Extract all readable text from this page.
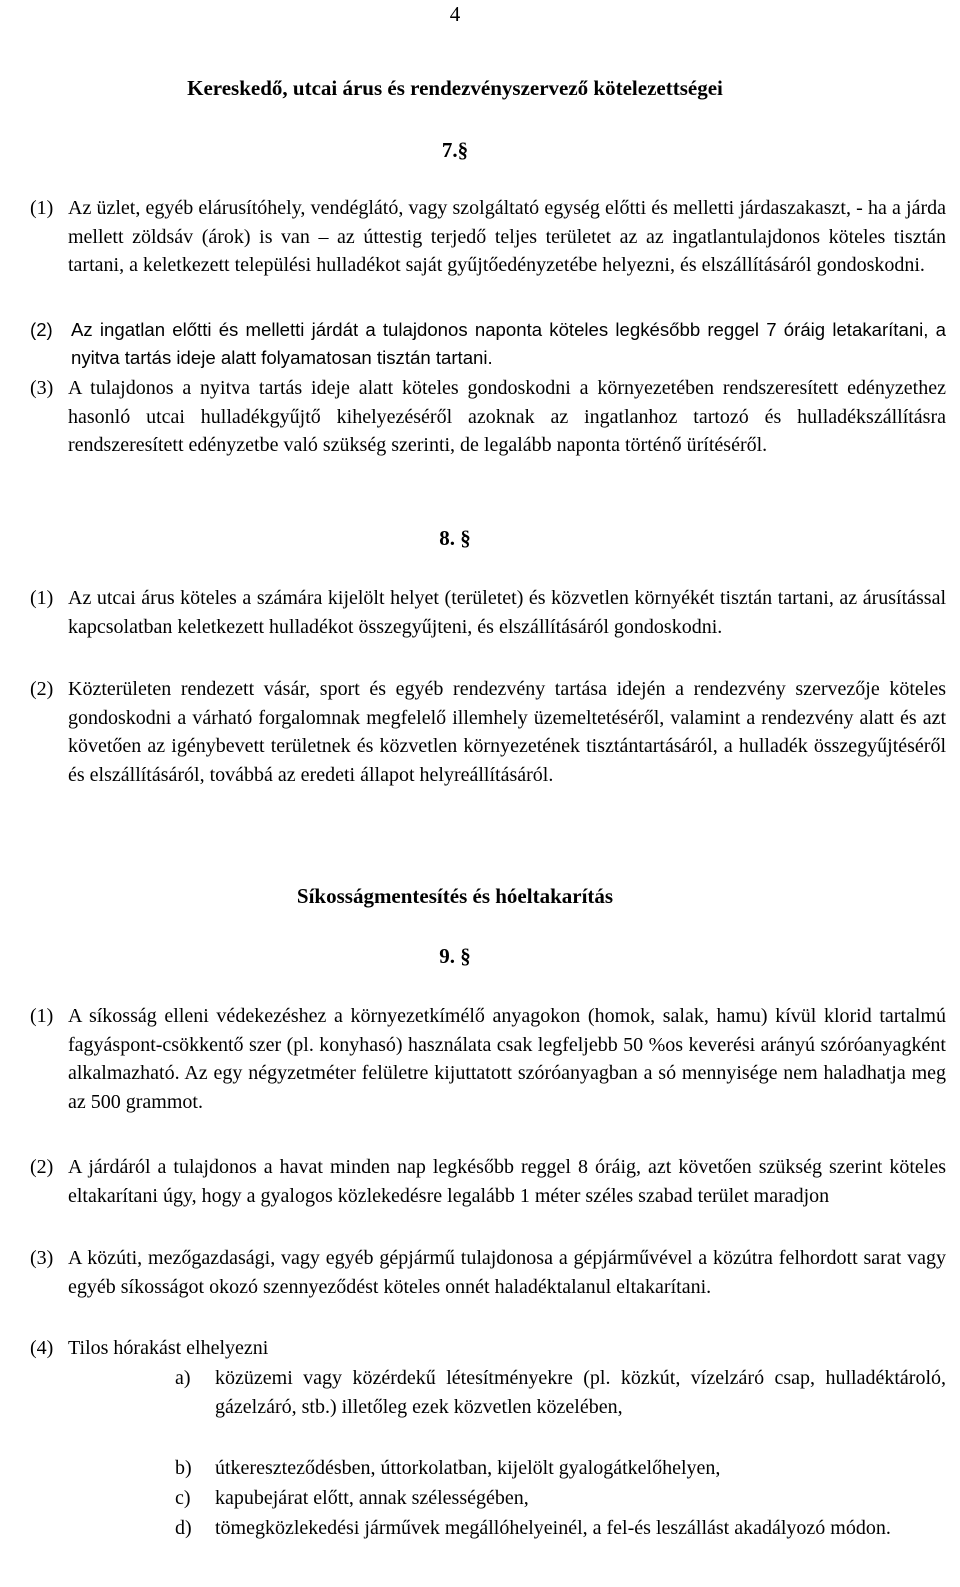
4
Kereskedő, utcai árus és rendezvényszervező kötelezettségei
7.§
(1) Az üzlet, egyéb elárusítóhely, vendéglátó, vagy szolgáltató egység előtti és melletti járdaszakaszt, - ha a járda mellett zöldsáv (árok) is van – az úttestig terjedő teljes területet az az ingatlantulajdonos köteles tisztán tartani, a keletkezett települési hulladékot saját gyűjtőedényzetébe helyezni, és elszállításáról gondoskodni.
(2) Az ingatlan előtti és melletti járdát a tulajdonos naponta köteles legkésőbb reggel 7 óráig letakarítani, a nyitva tartás ideje alatt folyamatosan tisztán tartani.
(3) A tulajdonos a nyitva tartás ideje alatt köteles gondoskodni a környezetében rendszeresített edényzethez hasonló utcai hulladékgyűjtő kihelyezéséről azoknak az ingatlanhoz tartozó és hulladékszállításra rendszeresített edényzetbe való szükség szerinti, de legalább naponta történő ürítéséről.
8. §
(1) Az utcai árus köteles a számára kijelölt helyet (területet) és közvetlen környékét tisztán tartani, az árusítással kapcsolatban keletkezett hulladékot összegyűjteni, és elszállításáról gondoskodni.
(2) Közterületen rendezett vásár, sport és egyéb rendezvény tartása idején a rendezvény szervezője köteles gondoskodni a várható forgalomnak megfelelő illemhely üzemeltetéséről, valamint a rendezvény alatt és azt követően az igénybevett területnek és közvetlen környezetének tisztántartásáról, a hulladék összegyűjtéséről és elszállításáról, továbbá az eredeti állapot helyreállításáról.
Síkosságmentesítés és hóeltakarítás
9. §
(1) A síkosság elleni védekezéshez a környezetkímélő anyagokon (homok, salak, hamu) kívül klorid tartalmú fagyáspont-csökkentő szer (pl. konyhasó) használata csak legfeljebb 50 %os keverési arányú szóróanyagként alkalmazható. Az egy négyzetméter felületre kijuttatott szóróanyagban a só mennyisége nem haladhatja meg az 500 grammot.
(2) A járdáról a tulajdonos a havat minden nap legkésőbb reggel 8 óráig, azt követően szükség szerint köteles eltakarítani úgy, hogy a gyalogos közlekedésre legalább 1 méter széles szabad terület maradjon
(3) A közúti, mezőgazdasági, vagy egyéb gépjármű tulajdonosa a gépjárművével a közútra felhordott sarat vagy egyéb síkosságot okozó szennyeződést köteles onnét haladéktalanul eltakarítani.
(4) Tilos hórakást elhelyezni
a) közüzemi vagy közérdekű létesítményekre (pl. közkút, vízelzáró csap, hulladéktároló, gázelzáró, stb.) illetőleg ezek közvetlen közelében,
b) útkereszteződésben, úttorkolatban, kijelölt gyalogátkelőhelyen,
c) kapubejárat előtt, annak szélességében,
d) tömegközlekedési járművek megállóhelyeinél, a fel-és leszállást akadályozó módon.
